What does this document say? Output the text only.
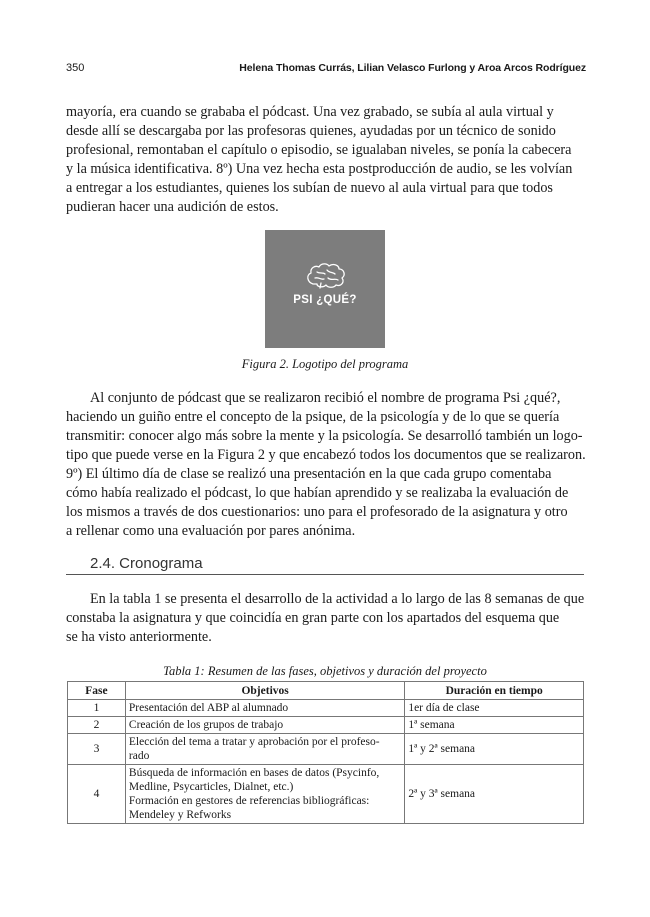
350	Helena Thomas Currás, Lilian Velasco Furlong y Aroa Arcos Rodríguez

mayoría, era cuando se grababa el pódcast. Una vez grabado, se subía al aula virtual y
desde allí se descargaba por las profesoras quienes, ayudadas por un técnico de sonido
profesional, remontaban el capítulo o episodio, se igualaban niveles, se ponía la cabecera
y la música identificativa. 8º) Una vez hecha esta postproducción de audio, se les volvían
a entregar a los estudiantes, quienes los subían de nuevo al aula virtual para que todos
pudieran hacer una audición de estos.

PSI ¿QUÉ?
Figura 2. Logotipo del programa

Al conjunto de pódcast que se realizaron recibió el nombre de programa Psi ¿qué?,
haciendo un guiño entre el concepto de la psique, de la psicología y de lo que se quería
transmitir: conocer algo más sobre la mente y la psicología. Se desarrolló también un logo-
tipo que puede verse en la Figura 2 y que encabezó todos los documentos que se realizaron.
9º) El último día de clase se realizó una presentación en la que cada grupo comentaba
cómo había realizado el pódcast, lo que habían aprendido y se realizaba la evaluación de
los mismos a través de dos cuestionarios: uno para el profesorado de la asignatura y otro
a rellenar como una evaluación por pares anónima.

2.4. Cronograma

En la tabla 1 se presenta el desarrollo de la actividad a lo largo de las 8 semanas de que
constaba la asignatura y que coincidía en gran parte con los apartados del esquema que
se ha visto anteriormente.

Tabla 1: Resumen de las fases, objetivos y duración del proyecto
Fase	Objetivos	Duración en tiempo
1	Presentación del ABP al alumnado	1er día de clase
2	Creación de los grupos de trabajo	1ª semana
3	Elección del tema a tratar y aprobación por el profeso-
rado	1ª y 2ª semana
4	Búsqueda de información en bases de datos (Psycinfo,
Medline, Psycarticles, Dialnet, etc.)
Formación en gestores de referencias bibliográficas:
Mendeley y Refworks	2ª y 3ª semana
